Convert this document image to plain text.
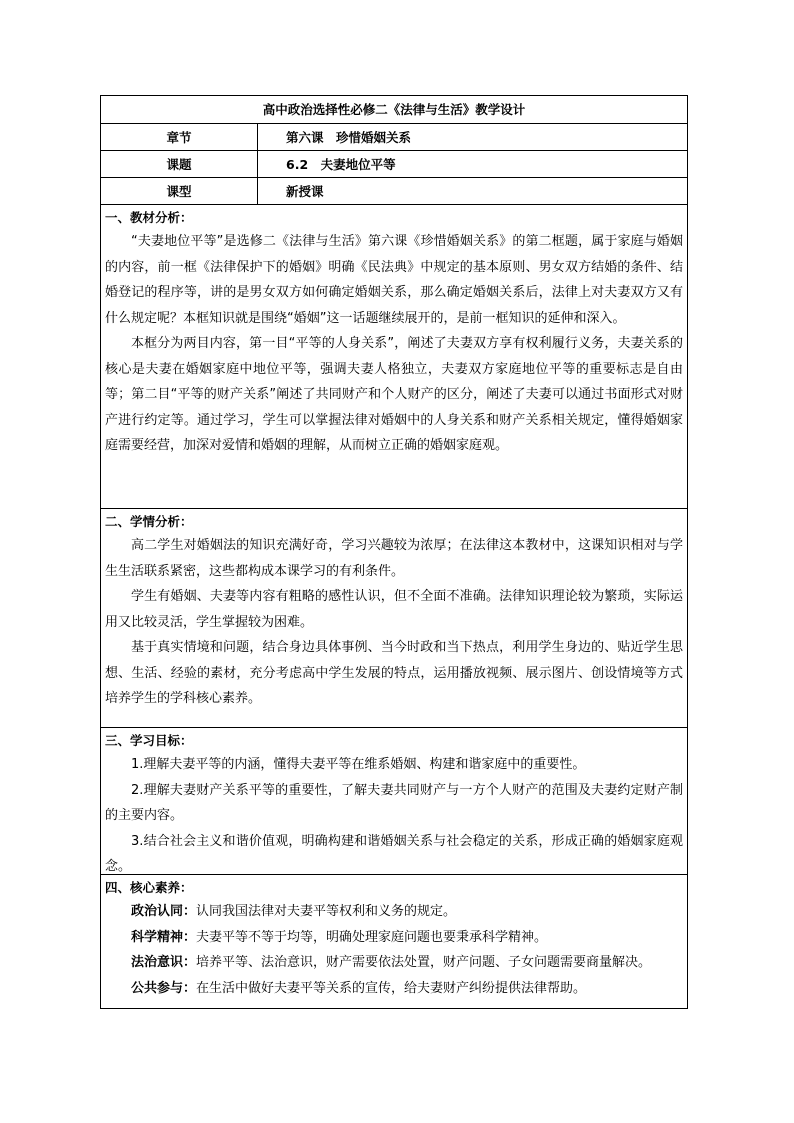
高中政治选择性必修二《法律与生活》教学设计
章节	第六课　珍惜婚姻关系
课题	6.2　夫妻地位平等
课型	新授课
一、教材分析：

“夫妻地位平等”是选修二《法律与生活》第六课《珍惜婚姻关系》的第二框题，属于家庭与婚姻的内容，前一框《法律保护下的婚姻》明确《民法典》中规定的基本原则、男女双方结婚的条件、结婚登记的程序等，讲的是男女双方如何确定婚姻关系，那么确定婚姻关系后，法律上对夫妻双方又有什么规定呢？本框知识就是围绕“婚姻”这一话题继续展开的，是前一框知识的延伸和深入。

本框分为两目内容，第一目“平等的人身关系”，阐述了夫妻双方享有权利履行义务，夫妻关系的核心是夫妻在婚姻家庭中地位平等，强调夫妻人格独立，夫妻双方家庭地位平等的重要标志是自由等；第二目“平等的财产关系”阐述了共同财产和个人财产的区分，阐述了夫妻可以通过书面形式对财产进行约定等。通过学习，学生可以掌握法律对婚姻中的人身关系和财产关系相关规定，懂得婚姻家庭需要经营，加深对爱情和婚姻的理解，从而树立正确的婚姻家庭观。

二、学情分析：

高二学生对婚姻法的知识充满好奇，学习兴趣较为浓厚；在法律这本教材中，这课知识相对与学生生活联系紧密，这些都构成本课学习的有利条件。

学生有婚姻、夫妻等内容有粗略的感性认识，但不全面不准确。法律知识理论较为繁琐，实际运用又比较灵活，学生掌握较为困难。

基于真实情境和问题，结合身边具体事例、当今时政和当下热点，利用学生身边的、贴近学生思想、生活、经验的素材，充分考虑高中学生发展的特点，运用播放视频、展示图片、创设情境等方式培养学生的学科核心素养。

三、学习目标：

1.理解夫妻平等的内涵，懂得夫妻平等在维系婚姻、构建和谐家庭中的重要性。

2.理解夫妻财产关系平等的重要性，了解夫妻共同财产与一方个人财产的范围及夫妻约定财产制的主要内容。

3.结合社会主义和谐价值观，明确构建和谐婚姻关系与社会稳定的关系，形成正确的婚姻家庭观念。

四、核心素养：

政治认同：认同我国法律对夫妻平等权利和义务的规定。

科学精神：夫妻平等不等于均等，明确处理家庭问题也要秉承科学精神。

法治意识：培养平等、法治意识，财产需要依法处置，财产问题、子女问题需要商量解决。

公共参与：在生活中做好夫妻平等关系的宣传，给夫妻财产纠纷提供法律帮助。
